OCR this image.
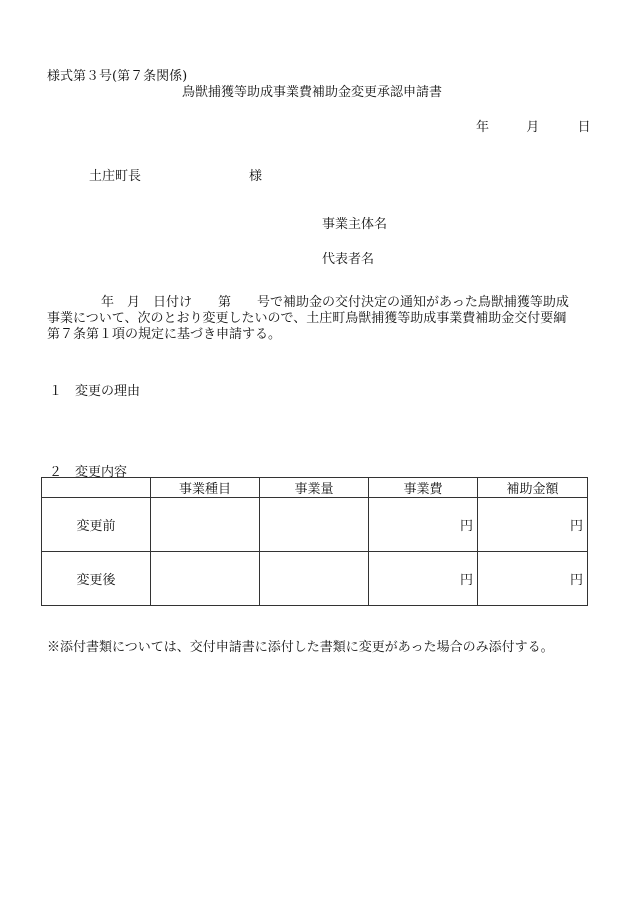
様式第３号(第７条関係)
鳥獣捕獲等助成事業費補助金変更承認申請書
年	月	日
土庄町長	様
事業主体名
代表者名
年　月　日付け　　第　　号で補助金の交付決定の通知があった鳥獣捕獲等助成
事業について、次のとおり変更したいので、土庄町鳥獣捕獲等助成事業費補助金交付要綱
第７条第１項の規定に基づき申請する。
１　変更の理由
２　変更内容
	事業種目	事業量	事業費	補助金額
変更前			円	円
変更後			円	円
※添付書類については、交付申請書に添付した書類に変更があった場合のみ添付する。
